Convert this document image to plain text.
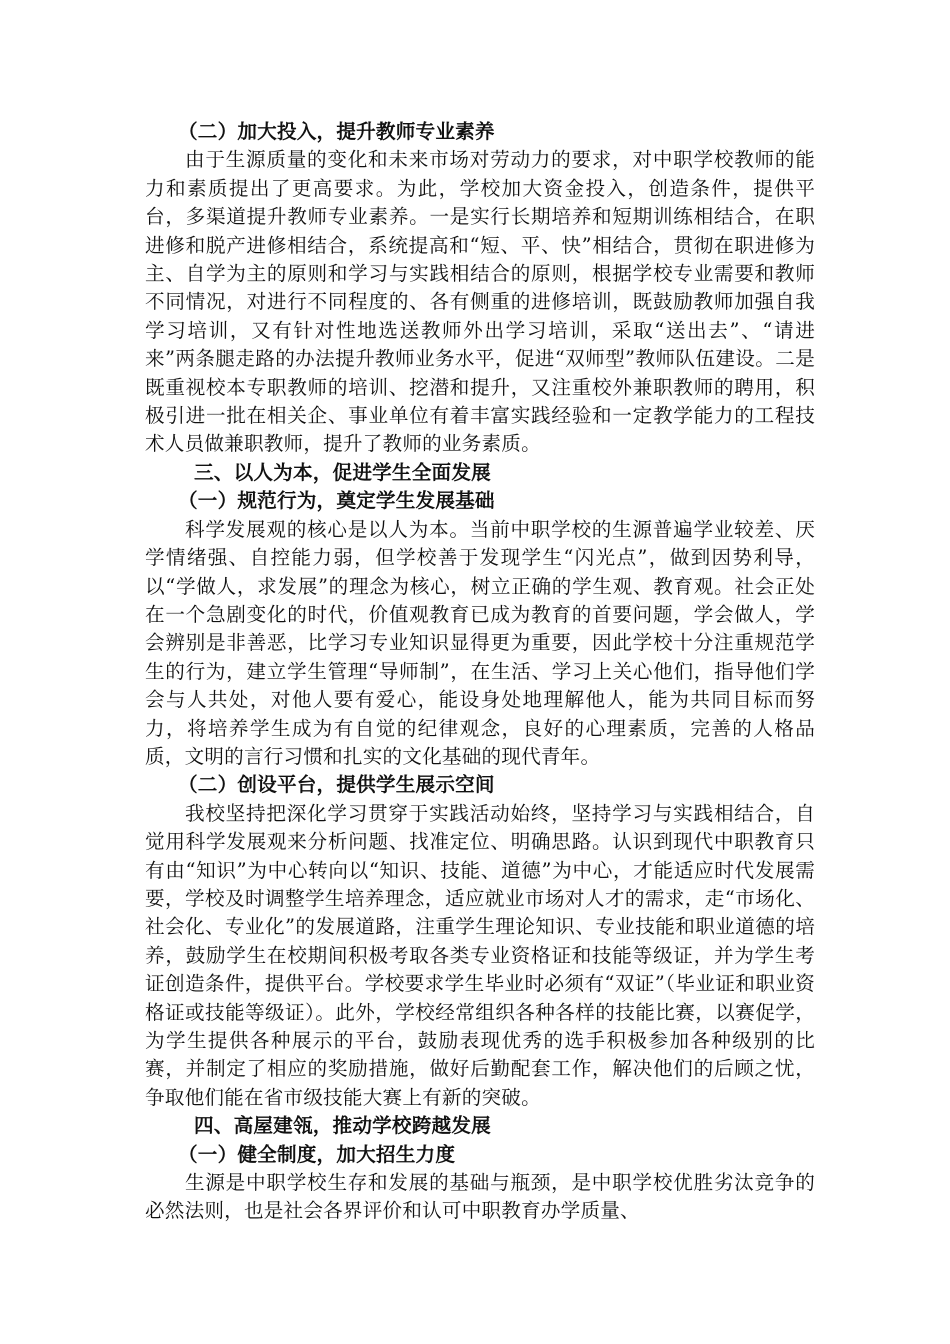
（二）加大投入，提升教师专业素养

由于生源质量的变化和未来市场对劳动力的要求，对中职学校教师的能力和素质提出了更高要求。为此，学校加大资金投入，创造条件，提供平台，多渠道提升教师专业素养。一是实行长期培养和短期训练相结合，在职进修和脱产进修相结合，系统提高和“短、平、快”相结合，贯彻在职进修为主、自学为主的原则和学习与实践相结合的原则，根据学校专业需要和教师不同情况，对进行不同程度的、各有侧重的进修培训，既鼓励教师加强自我学习培训，又有针对性地选送教师外出学习培训，采取“送出去”、“请进来”两条腿走路的办法提升教师业务水平，促进“双师型”教师队伍建设。二是既重视校本专职教师的培训、挖潜和提升，又注重校外兼职教师的聘用，积极引进一批在相关企、事业单位有着丰富实践经验和一定教学能力的工程技术人员做兼职教师，提升了教师的业务素质。

三、以人为本，促进学生全面发展

（一）规范行为，奠定学生发展基础

科学发展观的核心是以人为本。当前中职学校的生源普遍学业较差、厌学情绪强、自控能力弱，但学校善于发现学生“闪光点”，做到因势利导，以“学做人，求发展”的理念为核心，树立正确的学生观、教育观。社会正处在一个急剧变化的时代，价值观教育已成为教育的首要问题，学会做人，学会辨别是非善恶，比学习专业知识显得更为重要，因此学校十分注重规范学生的行为，建立学生管理“导师制”，在生活、学习上关心他们，指导他们学会与人共处，对他人要有爱心，能设身处地理解他人，能为共同目标而努力，将培养学生成为有自觉的纪律观念，良好的心理素质，完善的人格品质，文明的言行习惯和扎实的文化基础的现代青年。

（二）创设平台，提供学生展示空间

我校坚持把深化学习贯穿于实践活动始终，坚持学习与实践相结合，自觉用科学发展观来分析问题、找准定位、明确思路。认识到现代中职教育只有由“知识”为中心转向以“知识、技能、道德”为中心，才能适应时代发展需要，学校及时调整学生培养理念，适应就业市场对人才的需求，走“市场化、社会化、专业化”的发展道路，注重学生理论知识、专业技能和职业道德的培养，鼓励学生在校期间积极考取各类专业资格证和技能等级证，并为学生考证创造条件，提供平台。学校要求学生毕业时必须有“双证”（毕业证和职业资格证或技能等级证）。此外，学校经常组织各种各样的技能比赛，以赛促学，为学生提供各种展示的平台，鼓励表现优秀的选手积极参加各种级别的比赛，并制定了相应的奖励措施，做好后勤配套工作，解决他们的后顾之忧，争取他们能在省市级技能大赛上有新的突破。

四、高屋建瓴，推动学校跨越发展

（一）健全制度，加大招生力度

生源是中职学校生存和发展的基础与瓶颈，是中职学校优胜劣汰竞争的必然法则，也是社会各界评价和认可中职教育办学质量、
